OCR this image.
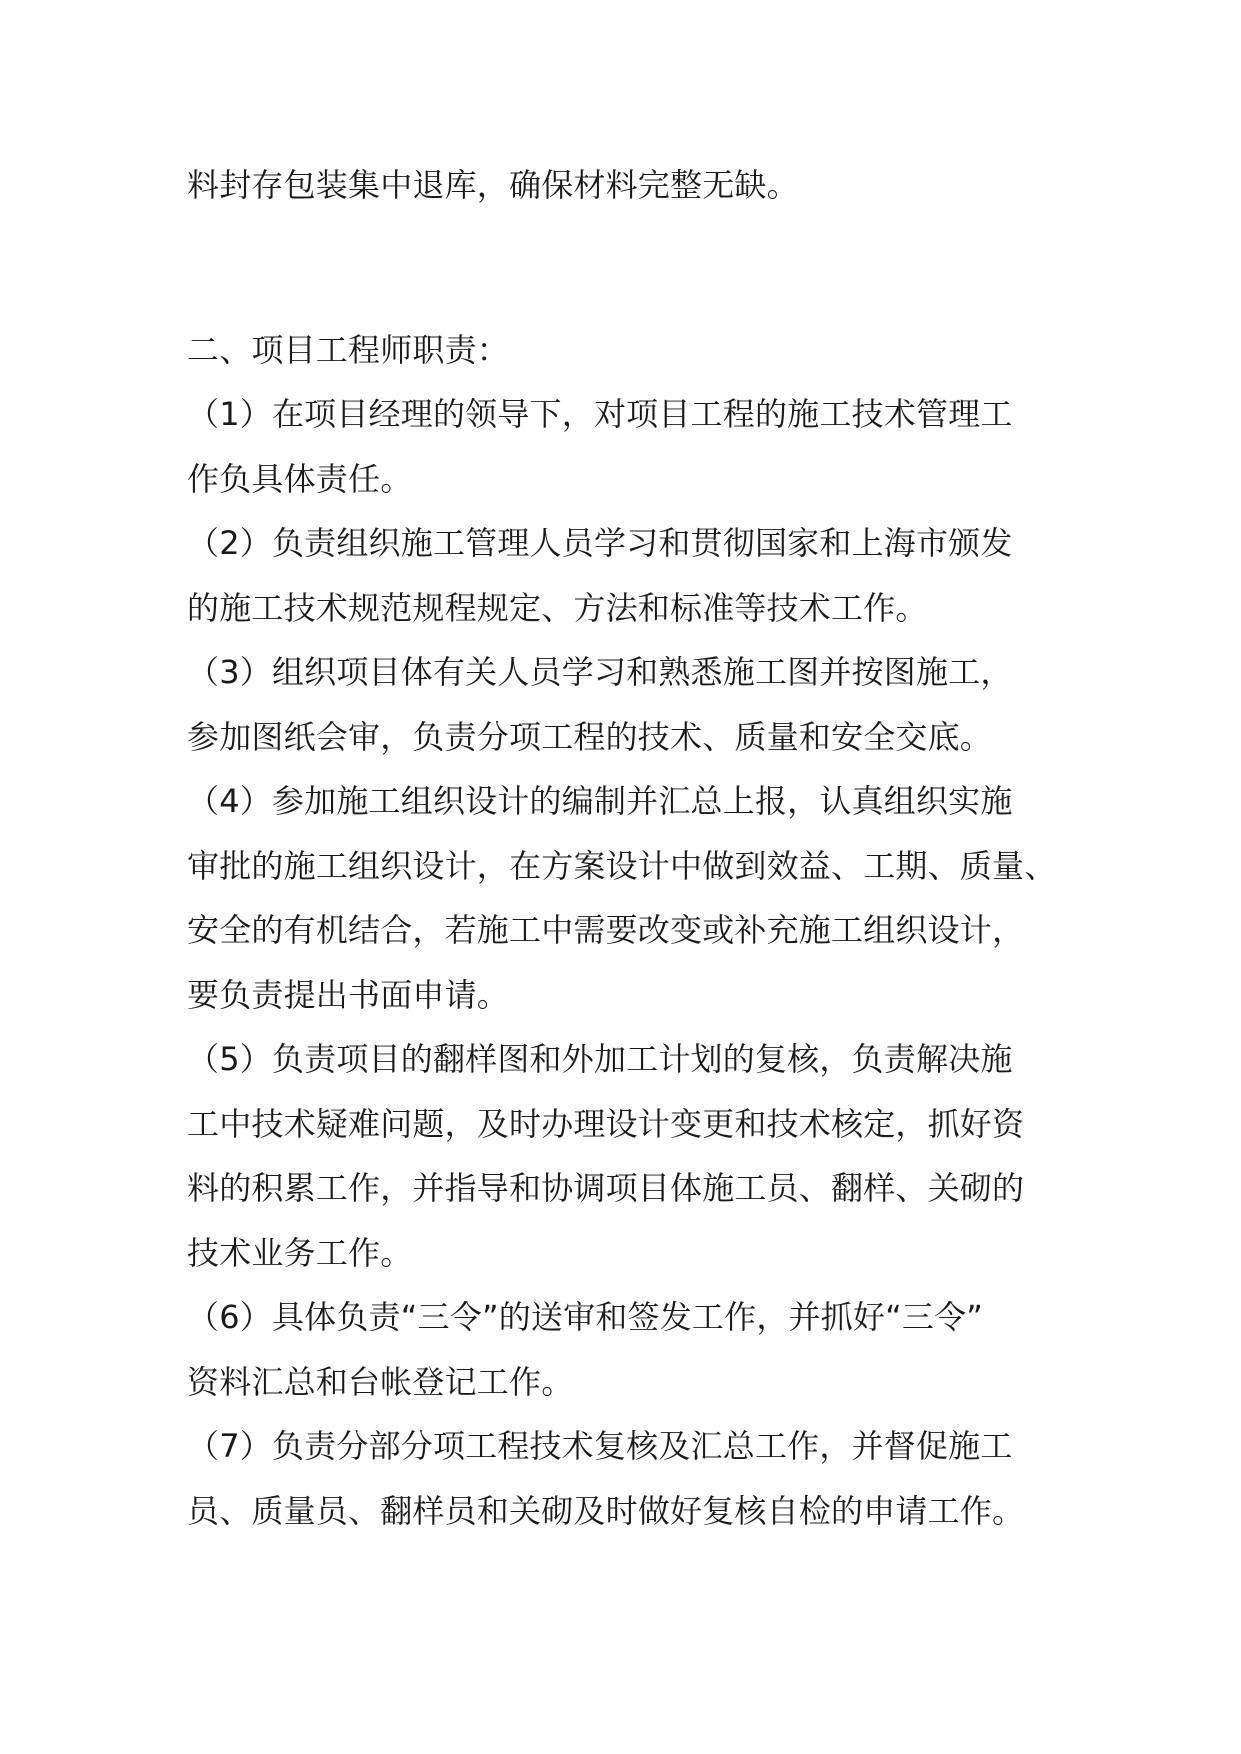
料封存包装集中退库，确保材料完整无缺。
二、项目工程师职责：
（1）在项目经理的领导下，对项目工程的施工技术管理工
作负具体责任。
（2）负责组织施工管理人员学习和贯彻国家和上海市颁发
的施工技术规范规程规定、方法和标准等技术工作。
（3）组织项目体有关人员学习和熟悉施工图并按图施工，
参加图纸会审，负责分项工程的技术、质量和安全交底。
（4）参加施工组织设计的编制并汇总上报，认真组织实施
审批的施工组织设计，在方案设计中做到效益、工期、质量、
安全的有机结合，若施工中需要改变或补充施工组织设计，
要负责提出书面申请。
（5）负责项目的翻样图和外加工计划的复核，负责解决施
工中技术疑难问题，及时办理设计变更和技术核定，抓好资
料的积累工作，并指导和协调项目体施工员、翻样、关砌的
技术业务工作。
（6）具体负责“三令”的送审和签发工作，并抓好“三令”
资料汇总和台帐登记工作。
（7）负责分部分项工程技术复核及汇总工作，并督促施工
员、质量员、翻样员和关砌及时做好复核自检的申请工作。
